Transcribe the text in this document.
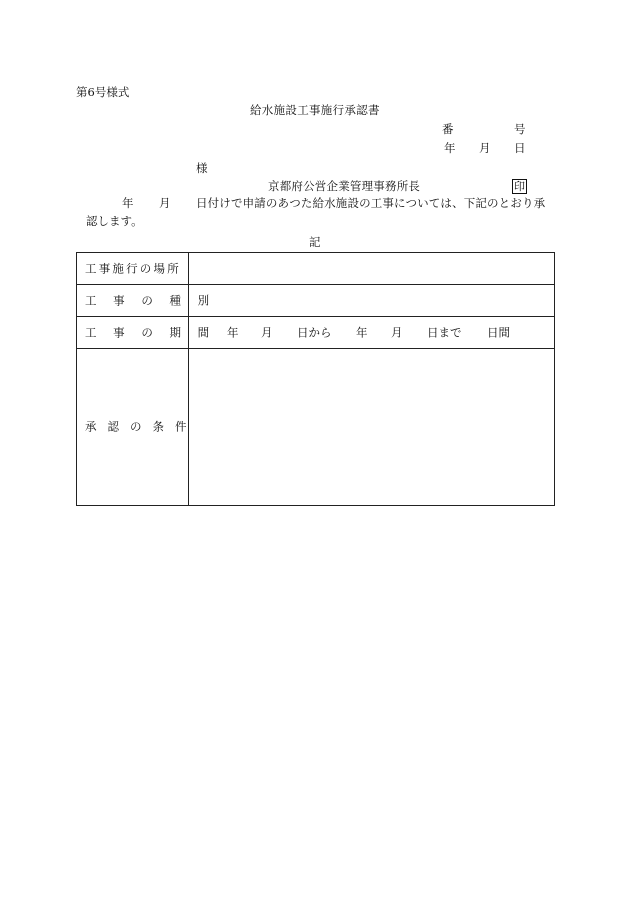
第6号様式
給水施設工事施行承認書
番	号
年 月 日
様
京都府公営企業管理事務所長	印
年 月 日付けで申請のあつた給水施設の工事については、下記のとおり承
認します。
記
工事施行の場所
工 事 の 種 別
工 事 の 期 間 年 月 日から 年 月 日まで 日間
承 認 の 条 件
